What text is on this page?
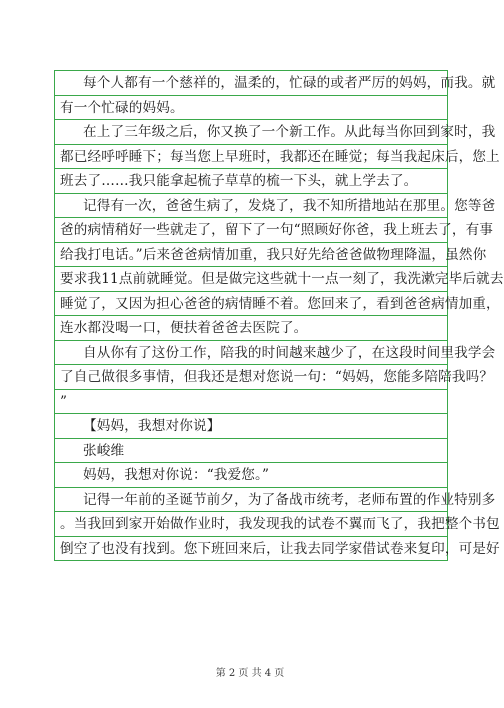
每个人都有一个慈祥的，温柔的，忙碌的或者严厉的妈妈，而我。就
有一个忙碌的妈妈。
在上了三年级之后，你又换了一个新工作。从此每当你回到家时，我
都已经呼呼睡下；每当您上早班时，我都还在睡觉；每当我起床后，您上
班去了……我只能拿起梳子草草的梳一下头，就上学去了。
记得有一次，爸爸生病了，发烧了，我不知所措地站在那里。您等爸
爸的病情稍好一些就走了，留下了一句“照顾好你爸，我上班去了，有事
给我打电话。”后来爸爸病情加重，我只好先给爸爸做物理降温，虽然你
要求我11点前就睡觉。但是做完这些就十一点一刻了，我洗漱完毕后就去
睡觉了，又因为担心爸爸的病情睡不着。您回来了，看到爸爸病情加重，
连水都没喝一口，便扶着爸爸去医院了。
自从你有了这份工作，陪我的时间越来越少了，在这段时间里我学会
了自己做很多事情，但我还是想对您说一句：“妈妈，您能多陪陪我吗？
”
【妈妈，我想对你说】
张峻维
妈妈，我想对你说：“我爱您。”
记得一年前的圣诞节前夕，为了备战市统考，老师布置的作业特别多
。当我回到家开始做作业时，我发现我的试卷不翼而飞了，我把整个书包
倒空了也没有找到。您下班回来后，让我去同学家借试卷来复印，可是好
第 2 页 共 4 页
